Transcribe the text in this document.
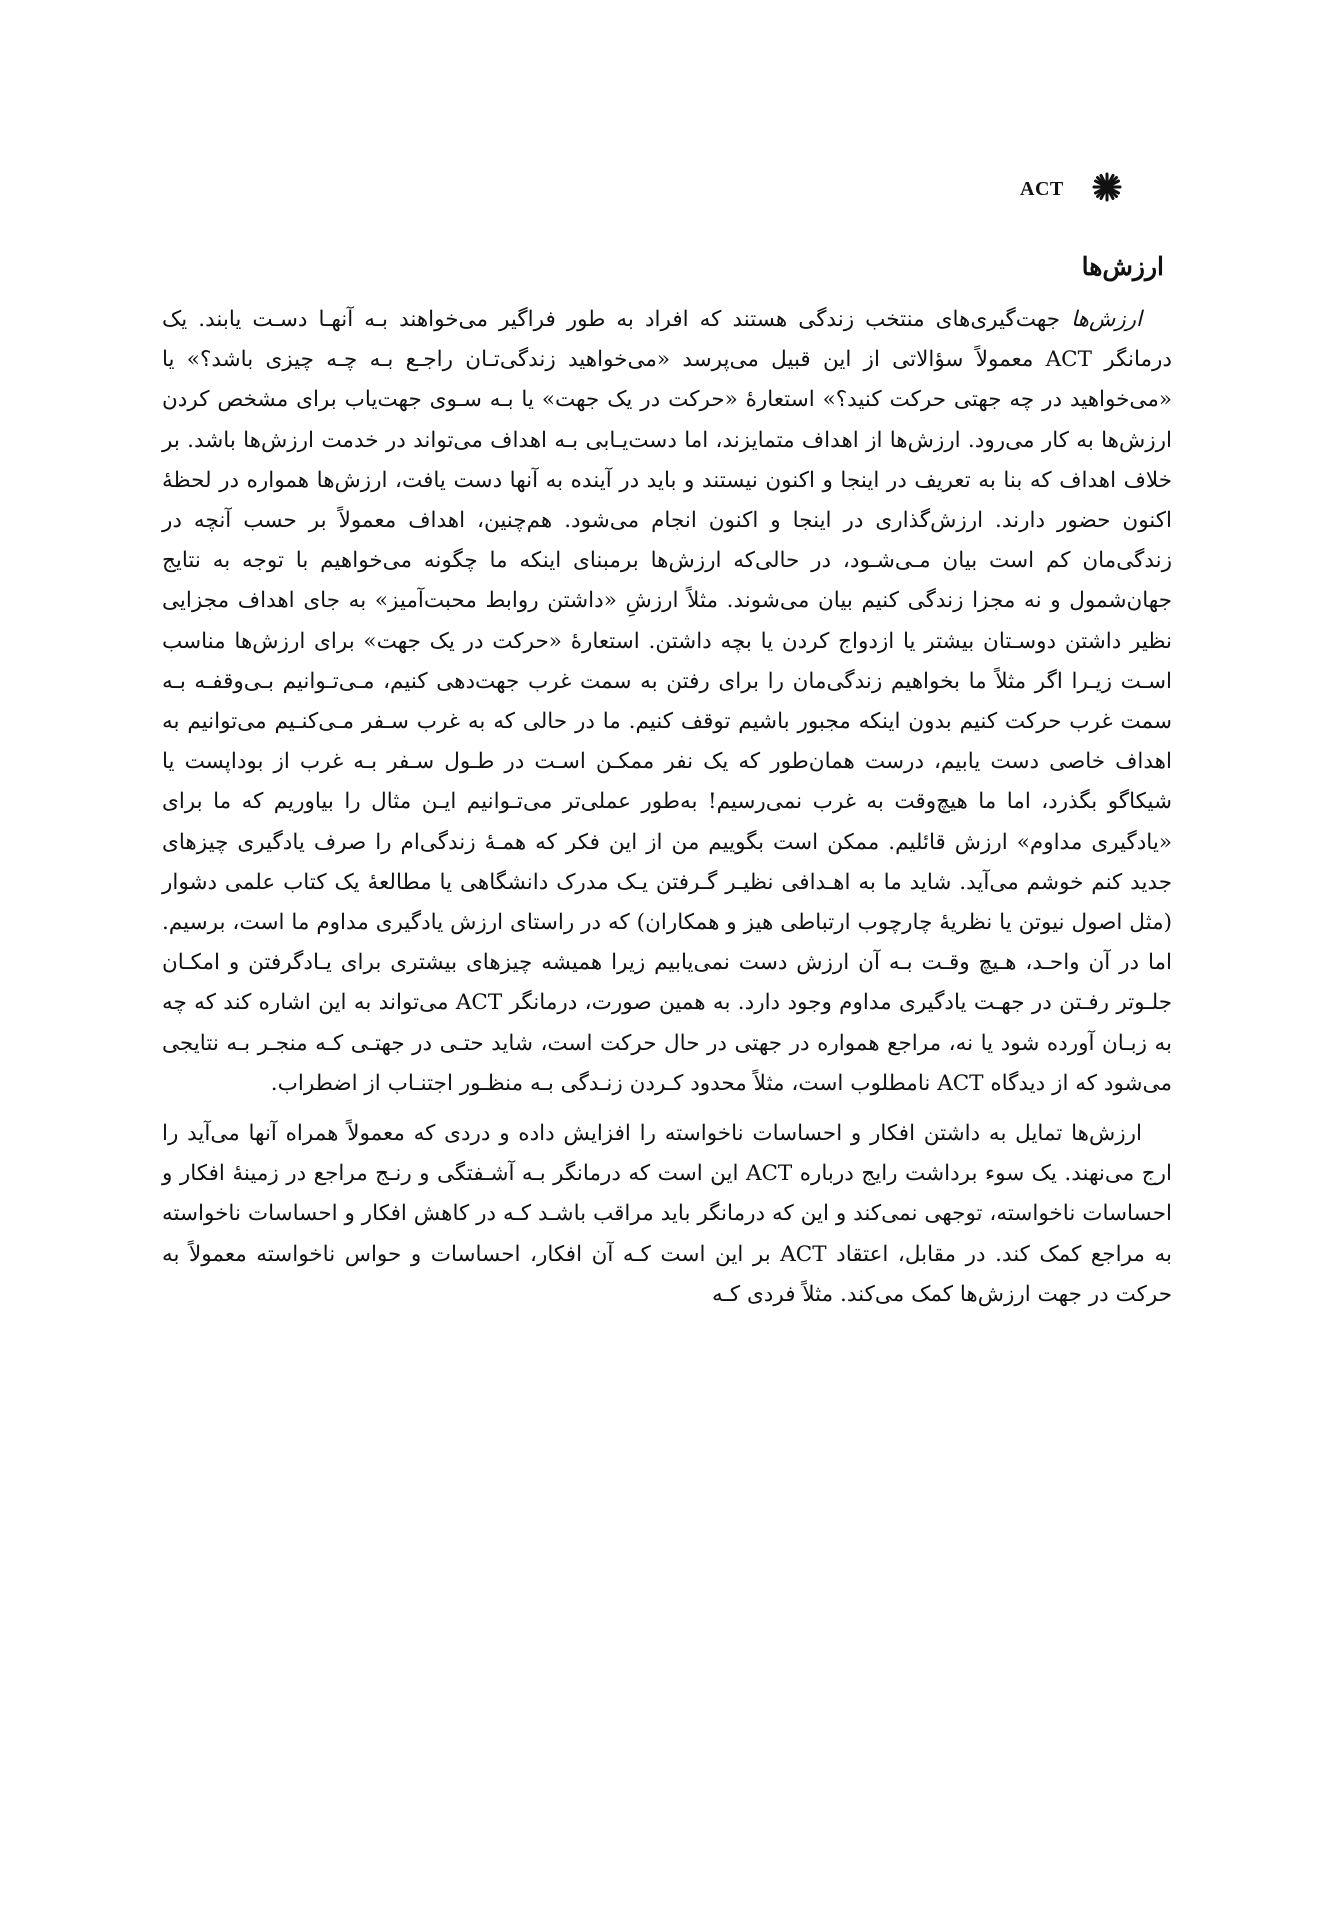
ACT
ارزش‌ها

ارزش‌ها جهت‌گیری‌های منتخب زندگی هستند که افراد به طور فراگیر می‌خواهند بـه آنهـا دسـت یابند. یک درمانگر ACT معمولاً سؤالاتی از این قبیل می‌پرسد «می‌خواهید زندگی‌تـان راجـع بـه چـه چیزی باشد؟» یا «می‌خواهید در چه جهتی حرکت کنید؟» استعارهٔ «حرکت در یک جهت» یا بـه سـوی جهت‌یاب برای مشخص کردن ارزش‌ها به کار می‌رود. ارزش‌ها از اهداف متمایزند، اما دست‌یـابی بـه اهداف می‌تواند در خدمت ارزش‌ها باشد. بر خلاف اهداف که بنا به تعریف در اینجا و اکنون نیستند و باید در آینده به آنها دست یافت، ارزش‌ها همواره در لحظهٔ اکنون حضور دارند. ارزش‌گذاری در اینجا و اکنون انجام می‌شود. هم‌چنین، اهداف معمولاً بر حسب آنچه در زندگی‌مان کم است بیان مـی‌شـود، در حالی‌که ارزش‌ها برمبنای اینکه ما چگونه می‌خواهیم با توجه به نتایج جهان‌شمول و نه مجزا زندگی کنیم بیان می‌شوند. مثلاً ارزشِ «داشتن روابط محبت‌آمیز» به جای اهداف مجزایی نظیر داشتن دوسـتان بیشتر یا ازدواج کردن یا بچه داشتن. استعارهٔ «حرکت در یک جهت» برای ارزش‌ها مناسب اسـت زیـرا اگر مثلاً ما بخواهیم زندگی‌مان را برای رفتن به سمت غرب جهت‌دهی کنیم، مـی‌تـوانیم بـی‌وقفـه بـه سمت غرب حرکت کنیم بدون اینکه مجبور باشیم توقف کنیم. ما در حالی که به غرب سـفر مـی‌کنـیم می‌توانیم به اهداف خاصی دست یابیم، درست همان‌طور که یک نفر ممکـن اسـت در طـول سـفر بـه غرب از بوداپست یا شیکاگو بگذرد، اما ما هیچ‌وقت به غرب نمی‌رسیم! به‌طور عملی‌تر می‌تـوانیم ایـن مثال را بیاوریم که ما برای «یادگیری مداوم» ارزش قائلیم. ممکن است بگوییم من از این فکر که همـهٔ زندگی‌ام را صرف یادگیری چیزهای جدید کنم خوشم می‌آید. شاید ما به اهـدافی نظیـر گـرفتن یـک مدرک دانشگاهی یا مطالعهٔ یک کتاب علمی دشوار (مثل اصول نیوتن یا نظریهٔ چارچوب ارتباطی هیز و همکاران) که در راستای ارزش یادگیری مداوم ما است، برسیم. اما در آن واحـد، هـیچ وقـت بـه آن ارزش دست نمی‌یابیم زیرا همیشه چیزهای بیشتری برای یـادگرفتن و امکـان جلـوتر رفـتن در جهـت یادگیری مداوم وجود دارد. به همین صورت، درمانگر ACT می‌تواند به این اشاره کند که چه به زبـان آورده شود یا نه، مراجع همواره در جهتی در حال حرکت است، شاید حتـی در جهتـی کـه منجـر بـه نتایجی می‌شود که از دیدگاه ACT نامطلوب است، مثلاً محدود کـردن زنـدگی بـه منظـور اجتنـاب از اضطراب.

ارزش‌ها تمایل به داشتن افکار و احساسات ناخواسته را افزایش داده و دردی که معمولاً همراه آنها می‌آید را ارج می‌نهند. یک سوء برداشت رایج درباره ACT این است که درمانگر بـه آشـفتگی و رنـج مراجع در زمینهٔ افکار و احساسات ناخواسته، توجهی نمی‌کند و این که درمانگر باید مراقب باشـد کـه در کاهش افکار و احساسات ناخواسته به مراجع کمک کند. در مقابل، اعتقاد ACT بر این است کـه آن افکار، احساسات و حواس ناخواسته معمولاً به حرکت در جهت ارزش‌ها کمک می‌کند. مثلاً فردی کـه
